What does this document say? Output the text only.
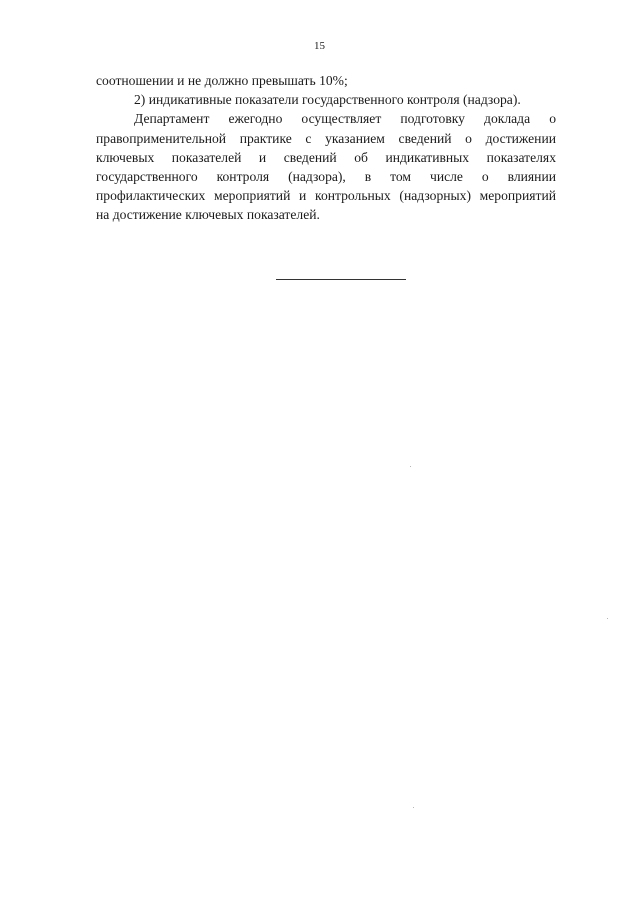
15
соотношении и не должно превышать 10%;
2) индикативные показатели государственного контроля (надзора).
Департамент ежегодно осуществляет подготовку доклада о
правоприменительной практике с указанием сведений о достижении
ключевых показателей и сведений об индикативных показателях
государственного контроля (надзора), в том числе о влиянии
профилактических мероприятий и контрольных (надзорных) мероприятий
на достижение ключевых показателей.
